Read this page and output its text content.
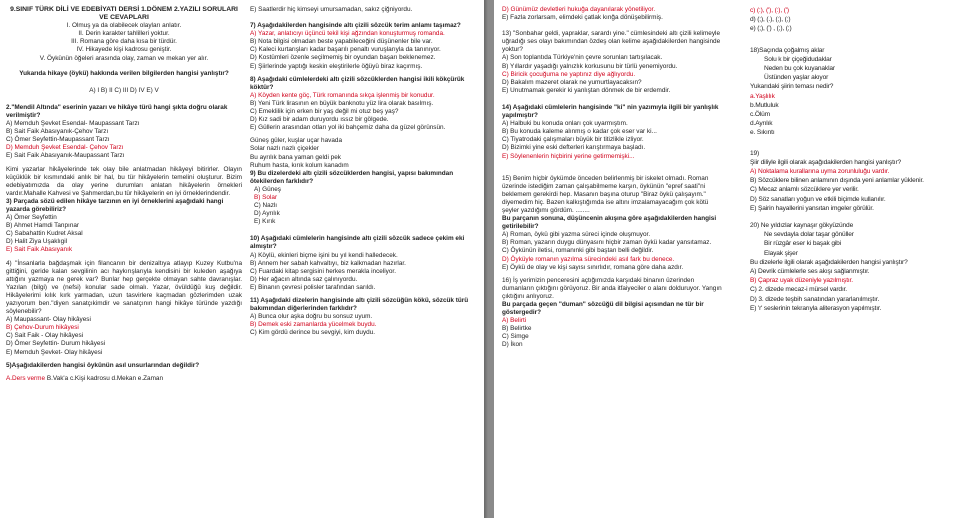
9.SINIF TÜRK DİLİ VE EDEBİYATI DERSİ 1.DÖNEM 2.YAZILI SORULARI VE CEVAPLARI

I. Olmuş ya da olabilecek olayları anlatır.

II. Derin karakter tahlilleri yoktur.

III. Romana göre daha kısa bir türdür.

IV. Hikayede kişi kadrosu geniştir.

V. Öykünün öğeleri arasında olay, zaman ve mekan yer alır.

Yukarıda hikaye (öykü) hakkında verilen bilgilerden hangisi yanlıştır?

A) I B) II C) III D) IV E) V

2."Mendil Altında" eserinin yazarı ve hikâye türü hangi şıkta doğru olarak verilmiştir?

A) Memduh Şevket Esendal- Maupassant Tarzı

B) Sait Faik Abasıyanık-Çehov Tarzı

C) Ömer Seyfettin-Maupassant Tarzı

D) Memduh Şevket Esendal- Çehov Tarzı

E) Sait Faik Abasıyanık-Maupassant Tarzı

Kimi yazarlar hikâyelerinde tek olay bile anlatmadan hikâyeyi bitirirler. Olayın küçüklük bir kısmındaki anlık bir hal, bu tür hikâyelerin temelini oluşturur. Bizim edebiyatımızda da olay yerine durumları anlatan hikâyelerin örnekleri vardır.Mahalle Kahvesi ve Şahmerdan,bu tür hikâyelerin en iyi örneklerindendir.

3) Parçada sözü edilen hikâye tarzının en iyi örneklerini aşağıdaki hangi yazarda görebiliriz?

A) Ömer Seyfettin

B) Ahmet Hamdi Tanpınar

C) Sabahattin Kudret Aksal

D) Halit Ziya Uşaklıgil

E) Sait Faik Abasıyanık

4) "İnsanlarla bağdaşmak için filancanın bir denizaltıya atlayıp Kuzey Kutbu'na gittiğini, geride kalan sevgilinin acı haykırışlarıyla kendisini bir kuleden aşağıya attığını yazmaya ne gerek var? Bunlar hep gerçekte olmayan sahte davranışlar. Yazılan (bilgi) ve (nefsi) konular sade olmalı. Yazar, övüldüğü kuş değildir. Hikâyelerimi kılık kırk yarmadan, uzun tasvirlere kaçmadan gözlerimden uzak yazıyorum ben."diyen sanatçıkimdir ve sanatçının hangi hikâye türünde yazdığı söylenebilir?

A) Maupassant- Olay hikâyesi

B) Çehov-Durum hikâyesi

C) Sait Faik - Olay hikâyesi

D) Ömer Seyfettin- Durum hikâyesi

E) Memduh Şevket- Olay hikâyesi

5)Aşağıdakilerden hangisi öykünün asıl unsurlarından değildir?

A.Ders verme B.Vak'a c.Kişi kadrosu d.Mekan e.Zaman

E) Saatlerdir hiç kimseyi umursamadan, sakız çiğniyordu.

7) Aşağıdakilerden hangisinde altı çizili sözcük terim anlamı taşımaz?

A) Yazar, anlatıcıyı üçüncü tekil kişi ağzından konuşturmuş romanda.

B) Nota bilgisi olmadan beste yapabileceğini düşünenler bile var.

C) Kaleci kurtarışları kadar başarılı penaltı vuruşlarıyla da tanınıyor.

D) Kostümleri özenle seçilmemiş bir oyundan başarı beklenemez.

E) Şiirlerinde yaptığı keskin eleştirilerle öğüyü biraz kaçırmış.

8) Aşağıdaki cümlelerdeki altı çizili sözcüklerden hangisi ikili kökçürük köktür?

A) Köyden kente göç, Türk romanında sıkça işlenmiş bir konudur.

B) Yeni Türk lirasının en büyük banknotu yüz lira olarak basılmış.

C) Emeklilik için erken bir yaş değil mi otuz beş yaş?

D) Kız sadi bir adam duruyordu ıssız bir gölgede.

E) Güllerin arasından otları yol iki bahçemiz daha da güzel görünsün.

Güneş güler, kuşlar uçar havada

Solar nazlı nazlı çiçekler

Bu ayrılık bana yaman geldi pek

Ruhum hasta, kırık kolum kanadım

9) Bu dizelerdeki altı çizili sözcüklerden hangisi, yapısı bakımından ötekilerden farklıdır?

A) Güneş

B) Solar

C) Nazlı

D) Ayrılık

E) Kırık

10) Aşağıdaki cümlelerin hangisinde altı çizili sözcük sadece çekim eki almıştır?

A) Köylü, ekinleri biçme işini bu yıl kendi halledecek.

B) Annem her sabah kahvaltıyı, biz kalkmadan hazırlar.

C) Fuardaki kitap sergisini herkes merakla inceliyor.

D) Her ağacın altında saz çalınıyordu.

E) Binanın çevresi polisler tarafından sarıldı.

11) Aşağıdaki dizelerin hangisinde altı çizili sözcüğün kökü, sözcük türü bakımından diğerlerinden farklıdır?

A) Bunca olur aşka doğru bu sonsuz uyum.

B) Demek eski zamanlarda yücelmek buydu.

C) Kim gördü derince bu sevgiyi, kim duydu.

D) Günümüz devletleri hukuğa dayanılarak yönetiliyor.

E) Fazla zorlarsam, elimdeki çatlak kınğa dönüşebilirmiş.

13) "Sonbahar geldi, yapraklar, sarardı yine." cümlesindeki altı çizili kelimeyle uğradığı ses olayı bakımından özdeş olan kelime aşağıdakilerden hangisinde yoktur?

A) Son toplantıda Türkiye'nin çevre sorunları tartışılacak.

B) Yıllardır yaşadığı yalnızlık korkusunu bir türlü yenemiyordu.

C) Biricik çocuğuma ne yaptınız diye ağlıyordu.

D) Bakalım mazeret olarak ne yumurtlayacaksın?

E) Unutmamak gerekir ki yanlıştan dönmek de bir erdemdir.

14) Aşağıdaki cümlelerin hangisinde "ki" nin yazımıyla ilgili bir yanlışlık yapılmıştır?

A) Halbuki bu konuda onları çok uyarmıştım.

B) Bu konuda kalemе alınmış o kadar çok eser var ki...

C) Tiyatrodaki çalışmaları büyük bir titizlikle izliyor.

D) Bizimki yine eski defterleri karıştırmaya başladı.

E) Söylenenlerin hiçbirini yerine getirmemişki...

15) Benim hiçbir öykümde önceden belirlenmiş bir iskelet olmadı. Roman üzerinde istediğim zaman çalışabilmeme karşın, öykünün "epref saati"ni beklemem gerekirdi hep. Masanın başına oturup "Biraz öykü çalışayım." diyemedim hiç. Bazen kalkıştığımda ise altını imzalamayacağım çok kötü şeyler yazdığımı gördüm. ........

Bu parçanın sonuna, düşüncenin akışına göre aşağıdakilerden hangisi getirilebilir?

A) Roman, öykü gibi yazma süreci içinde oluşmuyor.

B) Roman, yazarın duygu dünyasını hiçbir zaman öykü kadar yansıtamaz.

C) Öykünün iletisi, romanınki gibi baştan belli değildir.

D) Öyküyle romanın yazılma sürecindeki asıl fark bu denece.

E) Öykü de olay ve kişi sayısı sınırlıdır, romana göre daha azdır.

16) İş yerimizin penceresini açtığımızda karşıdaki binanın üzerinden dumanların çıktığını görüyoruz. Bir anda itfaiyeciler o alanı dolduruyor. Yangın çıktığını anlıyoruz.

Bu parçada geçen "duman" sözcüğü dil bilgisi açısından ne tür bir göstergedir?

A) Belirti

B) Belirtke

C) Simge

D) İkon

c) (:), ('), (:), (')

d) (;), (.), (;), (;)

e) (;), (') , (;), (;)

18)Saçında çoğalmış aklar

Solu k bir çiçeğidudaklar

Neden bu çok kuyanaklar

Üstünden yaşlar akıyor

Yukarıdaki şiirin teması nedir?

a.Yaşlılık

b.Mutluluk

c.Ölüm

d.Ayrılık

e. Sıkıntı

19)

Şiir diliyle ilgili olarak aşağıdakilerden hangisi yanlıştır?

A) Noktalama kurallarına uyma zorunluluğu vardır.

B) Sözcüklere bilinen anlamının dışında yeni anlamlar yüklenir.

C) Mecaz anlamlı sözcüklere yer verilir.

D) Söz sanatları yoğun ve etkili biçimde kullanılır.

E) Şairin hayallerini yansıtan imgeler görülür.

20) Ne yıldızlar kaynaşır gökyüzünde

Ne sevdayla dolar taşar gönüller

Bir rüzgâr eser ki başak gibi

Elayak şişer

Bu dizelerle ilgili olarak aşağıdakilerden hangisi yanlıştır?

A) Devrik cümlelerle ses akışı sağlanmıştır.

B) Çapraz uyak düzeniyle yazılmıştır.

C) 2. dizede mecaz-i mürsel vardır.

D) 3. dizede teşbih sanatından yararlanılmıştır.

E) 'r' seslerinin tekrarıyla aliterasyon yapılmıştır.
